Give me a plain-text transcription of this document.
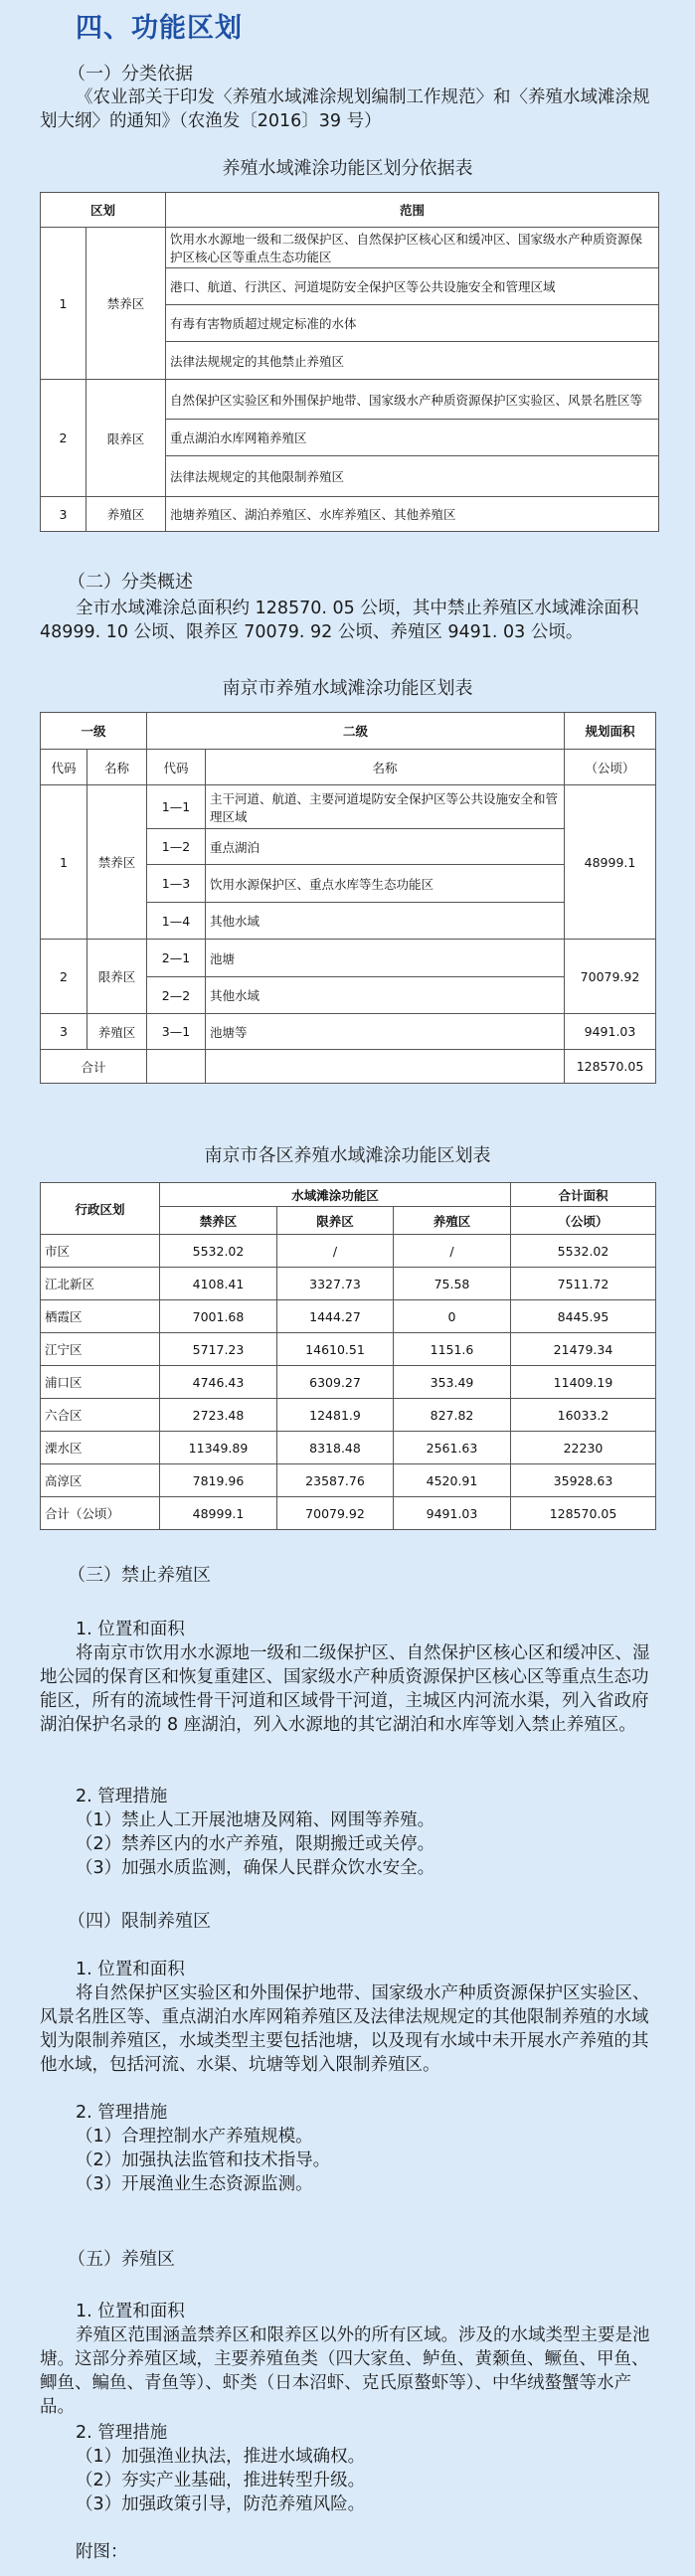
四、功能区划
（一）分类依据
《农业部关于印发〈养殖水域滩涂规划编制工作规范〉和〈养殖水域滩涂规划大纲〉的通知》（农渔发〔2016〕39 号）
养殖水域滩涂功能区划分依据表
区划		范围
1	禁养区	饮用水水源地一级和二级保护区、自然保护区核心区和缓冲区、国家级水产种质资源保护区核心区等重点生态功能区
		港口、航道、行洪区、河道堤防安全保护区等公共设施安全和管理区域
		有毒有害物质超过规定标准的水体
		法律法规规定的其他禁止养殖区
2	限养区	自然保护区实验区和外围保护地带、国家级水产种质资源保护区实验区、风景名胜区等
		重点湖泊水库网箱养殖区
		法律法规规定的其他限制养殖区
3	养殖区	池塘养殖区、湖泊养殖区、水库养殖区、其他养殖区
（二）分类概述
全市水域滩涂总面积约 128570. 05 公顷，其中禁止养殖区水域滩涂面积 48999. 10 公顷、限养区 70079. 92 公顷、养殖区 9491. 03 公顷。
南京市养殖水域滩涂功能区划表
一级		二级		规划面积
代码	名称	代码	名称	（公顷）
1	禁养区	1—1	主干河道、航道、主要河道堤防安全保护区等公共设施安全和管理区域	48999.1
		1—2	重点湖泊	
		1—3	饮用水源保护区、重点水库等生态功能区	
		1—4	其他水域	
2	限养区	2—1	池塘	70079.92
		2—2	其他水域	
3	养殖区	3—1	池塘等	9491.03
合计				128570.05
南京市各区养殖水域滩涂功能区划表
行政区划	水域滩涂功能区			合计面积
	禁养区	限养区	养殖区	（公顷）
市区	5532.02	/	/	5532.02
江北新区	4108.41	3327.73	75.58	7511.72
栖霞区	7001.68	1444.27	0	8445.95
江宁区	5717.23	14610.51	1151.6	21479.34
浦口区	4746.43	6309.27	353.49	11409.19
六合区	2723.48	12481.9	827.82	16033.2
溧水区	11349.89	8318.48	2561.63	22230
高淳区	7819.96	23587.76	4520.91	35928.63
合计（公顷）	48999.1	70079.92	9491.03	128570.05
（三）禁止养殖区
1. 位置和面积
将南京市饮用水水源地一级和二级保护区、自然保护区核心区和缓冲区、湿地公园的保育区和恢复重建区、国家级水产种质资源保护区核心区等重点生态功能区，所有的流域性骨干河道和区域骨干河道，主城区内河流水渠，列入省政府湖泊保护名录的 8 座湖泊，列入水源地的其它湖泊和水库等划入禁止养殖区。
2. 管理措施
（1）禁止人工开展池塘及网箱、网围等养殖。
（2）禁养区内的水产养殖，限期搬迁或关停。
（3）加强水质监测，确保人民群众饮水安全。
（四）限制养殖区
1. 位置和面积
将自然保护区实验区和外围保护地带、国家级水产种质资源保护区实验区、风景名胜区等、重点湖泊水库网箱养殖区及法律法规规定的其他限制养殖的水域划为限制养殖区，水域类型主要包括池塘，以及现有水域中未开展水产养殖的其他水域，包括河流、水渠、坑塘等划入限制养殖区。
2. 管理措施
（1）合理控制水产养殖规模。
（2）加强执法监管和技术指导。
（3）开展渔业生态资源监测。
（五）养殖区
1. 位置和面积
养殖区范围涵盖禁养区和限养区以外的所有区域。涉及的水域类型主要是池塘。这部分养殖区域，主要养殖鱼类（四大家鱼、鲈鱼、黄颡鱼、鳜鱼、甲鱼、鲫鱼、鳊鱼、青鱼等）、虾类（日本沼虾、克氏原螯虾等）、中华绒螯蟹等水产品。
2. 管理措施
（1）加强渔业执法，推进水域确权。
（2）夯实产业基础，推进转型升级。
（3）加强政策引导，防范养殖风险。
附图：
